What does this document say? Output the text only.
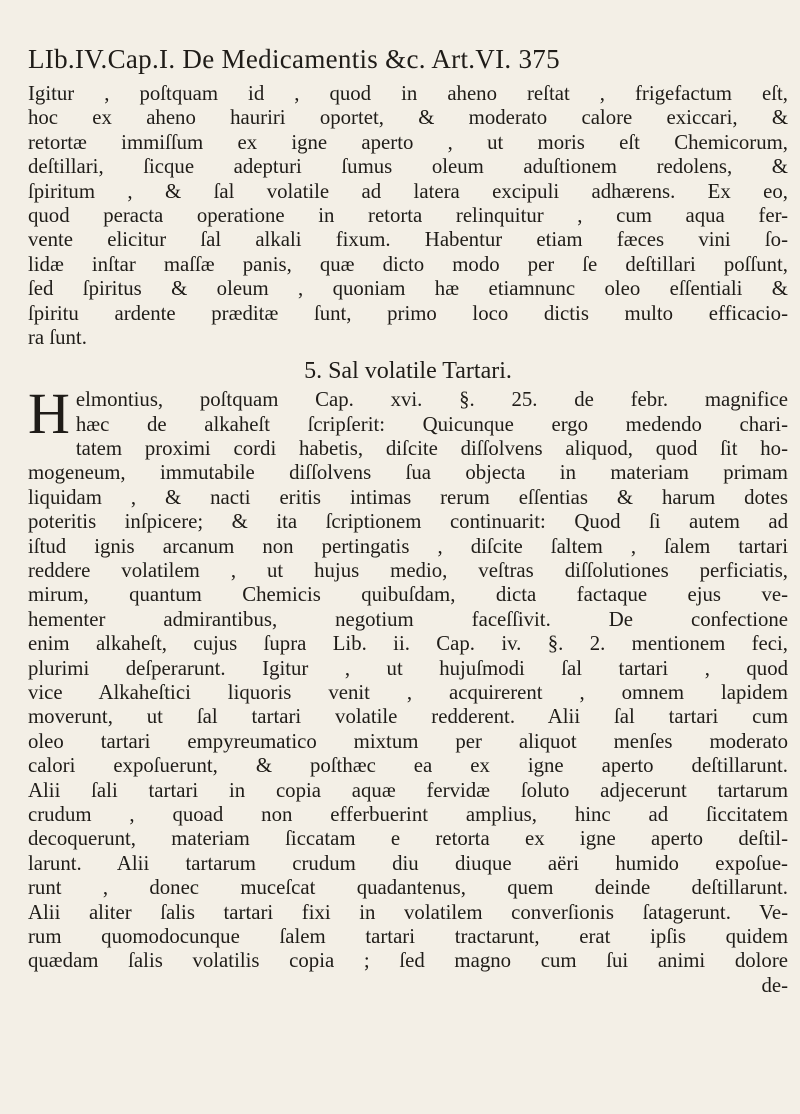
LIb.IV.Cap.I. De Medicamentis &c. Art.VI. 375
Igitur , poſtquam id , quod in aheno reſtat , frigefactum eſt,
hoc ex aheno hauriri oportet, & moderato calore exiccari, &
retortæ immiſſum ex igne aperto , ut moris eſt Chemicorum,
deſtillari, ſicque adepturi ſumus oleum aduſtionem redolens, &
ſpiritum , & ſal volatile ad latera excipuli adhærens. Ex eo,
quod peracta operatione in retorta relinquitur , cum aqua fer-
vente elicitur ſal alkali fixum. Habentur etiam fæces vini ſo-
lidæ inſtar maſſæ panis, quæ dicto modo per ſe deſtillari poſſunt,
ſed ſpiritus & oleum , quoniam hæ etiamnunc oleo eſſentiali &
ſpiritu ardente præditæ ſunt, primo loco dictis multo efficacio-
ra ſunt.
5. Sal volatile Tartari.
H elmontius, poſtquam Cap. xvi. §. 25. de febr. magnifice
hæc de alkaheſt ſcripſerit: Quicunque ergo medendo chari-
tatem proximi cordi habetis, diſcite diſſolvens aliquod, quod ſit ho-
mogeneum, immutabile diſſolvens ſua objecta in materiam primam
liquidam , & nacti eritis intimas rerum eſſentias & harum dotes
poteritis inſpicere; & ita ſcriptionem continuarit: Quod ſi autem ad
iſtud ignis arcanum non pertingatis , diſcite ſaltem , ſalem tartari
reddere volatilem , ut hujus medio, veſtras diſſolutiones perficiatis,
mirum, quantum Chemicis quibuſdam, dicta factaque ejus ve-
hementer admirantibus, negotium faceſſivit. De confectione
enim alkaheſt, cujus ſupra Lib. ii. Cap. iv. §. 2. mentionem feci,
plurimi deſperarunt. Igitur , ut hujuſmodi ſal tartari , quod
vice Alkaheſtici liquoris venit , acquirerent , omnem lapidem
moverunt, ut ſal tartari volatile redderent. Alii ſal tartari cum
oleo tartari empyreumatico mixtum per aliquot menſes moderato
calori expoſuerunt, & poſthæc ea ex igne aperto deſtillarunt.
Alii ſali tartari in copia aquæ fervidæ ſoluto adjecerunt tartarum
crudum , quoad non efferbuerint amplius, hinc ad ſiccitatem
decoquerunt, materiam ſiccatam e retorta ex igne aperto deſtil-
larunt. Alii tartarum crudum diu diuque aëri humido expoſue-
runt , donec muceſcat quadantenus, quem deinde deſtillarunt.
Alii aliter ſalis tartari fixi in volatilem converſionis ſatagerunt. Ve-
rum quomodocunque ſalem tartari tractarunt, erat ipſis quidem
quædam ſalis volatilis copia ; ſed magno cum ſui animi dolore
de-
